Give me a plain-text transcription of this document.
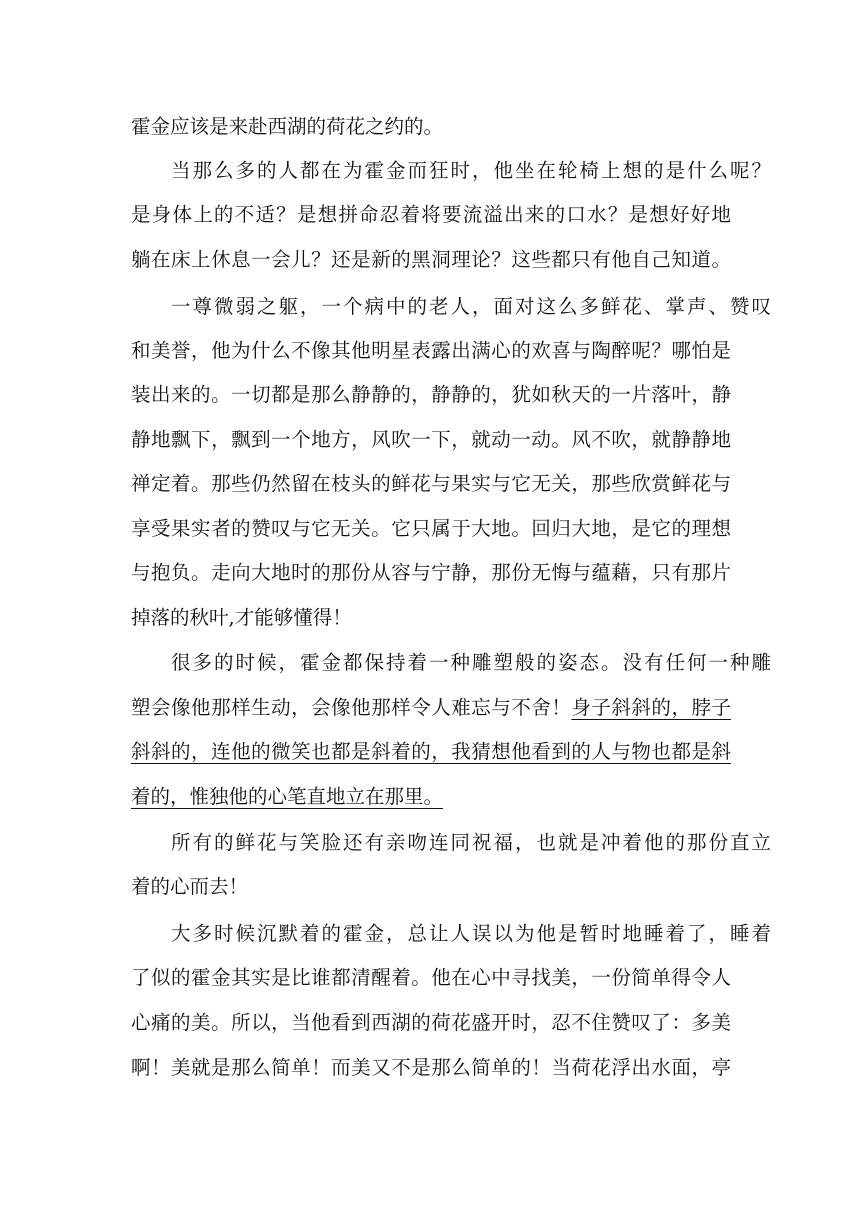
霍金应该是来赴西湖的荷花之约的。
当那么多的人都在为霍金而狂时，他坐在轮椅上想的是什么呢？
是身体上的不适？是想拼命忍着将要流溢出来的口水？是想好好地
躺在床上休息一会儿？还是新的黑洞理论？这些都只有他自己知道。
一尊微弱之躯，一个病中的老人，面对这么多鲜花、掌声、赞叹
和美誉，他为什么不像其他明星表露出满心的欢喜与陶醉呢？哪怕是
装出来的。一切都是那么静静的，静静的，犹如秋天的一片落叶，静
静地飘下，飘到一个地方，风吹一下，就动一动。风不吹，就静静地
禅定着。那些仍然留在枝头的鲜花与果实与它无关，那些欣赏鲜花与
享受果实者的赞叹与它无关。它只属于大地。回归大地，是它的理想
与抱负。走向大地时的那份从容与宁静，那份无悔与蕴藉，只有那片
掉落的秋叶,才能够懂得！
很多的时候，霍金都保持着一种雕塑般的姿态。没有任何一种雕
塑会像他那样生动，会像他那样令人难忘与不舍！身子斜斜的，脖子
斜斜的，连他的微笑也都是斜着的，我猜想他看到的人与物也都是斜
着的，惟独他的心笔直地立在那里。
所有的鲜花与笑脸还有亲吻连同祝福，也就是冲着他的那份直立
着的心而去！
大多时候沉默着的霍金，总让人误以为他是暂时地睡着了，睡着
了似的霍金其实是比谁都清醒着。他在心中寻找美，一份简单得令人
心痛的美。所以，当他看到西湖的荷花盛开时，忍不住赞叹了：多美
啊！美就是那么简单！而美又不是那么简单的！当荷花浮出水面，亭
